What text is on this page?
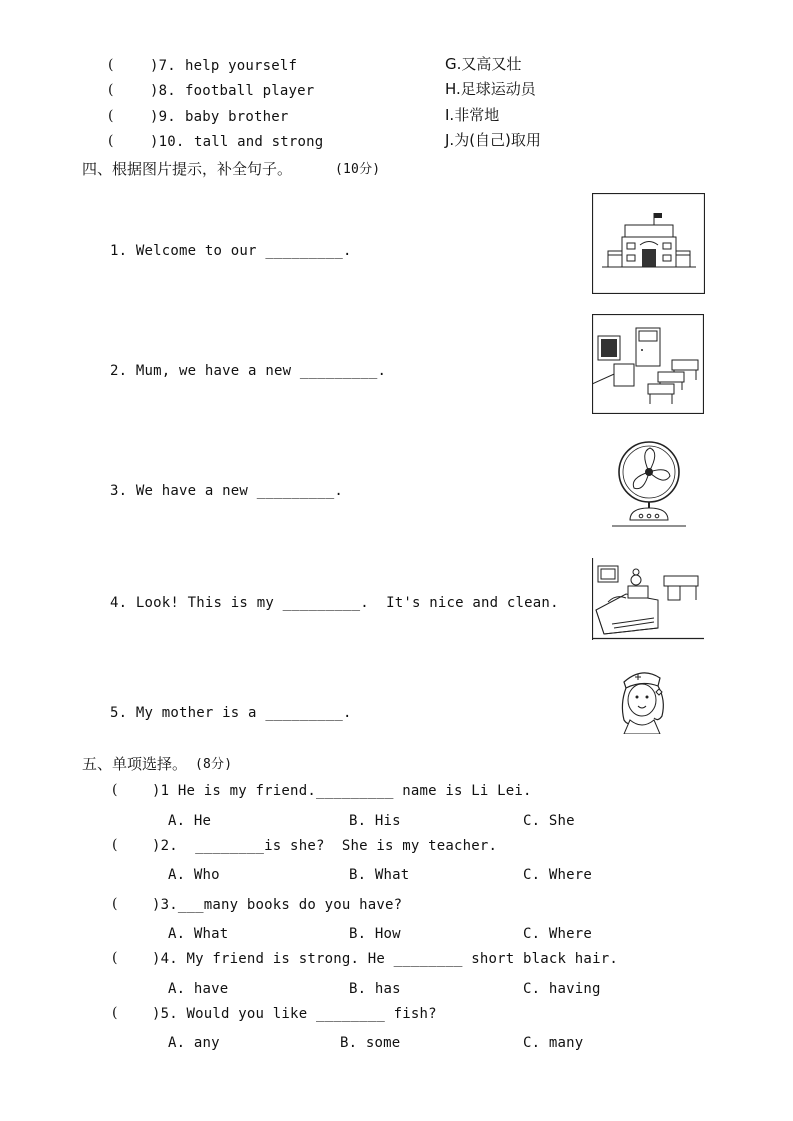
(	)7. help yourself	G.又高又壮
(	)8. football player	H.足球运动员
(	)9. baby brother	I.非常地
(	)10. tall and strong	J.为(自己)取用
四、根据图片提示，补全句子。	(10分)
1. Welcome to our _________.
2. Mum, we have a new _________.
3. We have a new _________.
4. Look! This is my _________.  It's nice and clean.
5. My mother is a _________.
五、单项选择。 (8分)
( )1 He is my friend._________ name is Li Lei.
A. He	B. His	C. She
( )2.  ________is she?  She is my teacher.
A. Who	B. What	C. Where
( )3.___many books do you have?
A. What	B. How	C. Where
( )4. My friend is strong. He ________ short black hair.
A. have	B. has	C. having
( )5. Would you like ________ fish?
A. any	B. some	C. many
